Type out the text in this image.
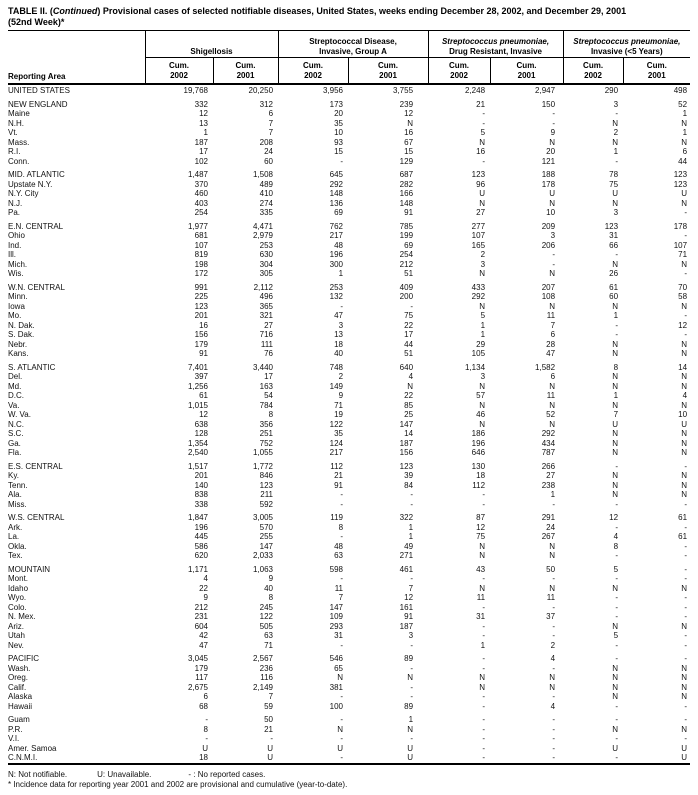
TABLE II. (Continued) Provisional cases of selected notifiable diseases, United States, weeks ending December 28, 2002, and December 29, 2001
(52nd Week)*
Reporting Area	
Shigellosis

Streptococcal Disease,
Invasive, Group A

Streptococcus pneumoniae,
Drug Resistant, Invasive

Streptococcus pneumoniae,
Invasive (<5 Years)

Cum.
2002

Cum.
2001

Cum.
2002

Cum.
2001

Cum.
2002

Cum.
2001

Cum.
2002

Cum.
2001

UNITED STATES	19,768	20,250	3,956	3,755	2,248	2,947	290	498

NEW ENGLAND	332	312	173	239	21	150	3	52
Maine	12	6	20	12	-	-	-	1
N.H.	13	7	35	N	-	-	N	N
Vt.	1	7	10	16	5	9	2	1
Mass.	187	208	93	67	N	N	N	N
R.I.	17	24	15	15	16	20	1	6
Conn.	102	60	-	129	-	121	-	44

MID. ATLANTIC	1,487	1,508	645	687	123	188	78	123
Upstate N.Y.	370	489	292	282	96	178	75	123
N.Y. City	460	410	148	166	U	U	U	U
N.J.	403	274	136	148	N	N	N	N
Pa.	254	335	69	91	27	10	3	-

E.N. CENTRAL	1,977	4,471	762	785	277	209	123	178
Ohio	681	2,979	217	199	107	3	31	-
Ind.	107	253	48	69	165	206	66	107
Ill.	819	630	196	254	2	-	-	71
Mich.	198	304	300	212	3	-	N	N
Wis.	172	305	1	51	N	N	26	-

W.N. CENTRAL	991	2,112	253	409	433	207	61	70
Minn.	225	496	132	200	292	108	60	58
Iowa	123	365	-	-	N	N	N	N
Mo.	201	321	47	75	5	11	1	-
N. Dak.	16	27	3	22	1	7	-	12
S. Dak.	156	716	13	17	1	6	-	-
Nebr.	179	111	18	44	29	28	N	N
Kans.	91	76	40	51	105	47	N	N

S. ATLANTIC	7,401	3,440	748	640	1,134	1,582	8	14
Del.	397	17	2	4	3	6	N	N
Md.	1,256	163	149	N	N	N	N	N
D.C.	61	54	9	22	57	11	1	4
Va.	1,015	784	71	85	N	N	N	N
W. Va.	12	8	19	25	46	52	7	10
N.C.	638	356	122	147	N	N	U	U
S.C.	128	251	35	14	186	292	N	N
Ga.	1,354	752	124	187	196	434	N	N
Fla.	2,540	1,055	217	156	646	787	N	N

E.S. CENTRAL	1,517	1,772	112	123	130	266	-	-
Ky.	201	846	21	39	18	27	N	N
Tenn.	140	123	91	84	112	238	N	N
Ala.	838	211	-	-	-	1	N	N
Miss.	338	592	-	-	-	-	-	-

W.S. CENTRAL	1,847	3,005	119	322	87	291	12	61
Ark.	196	570	8	1	12	24	-	-
La.	445	255	-	1	75	267	4	61
Okla.	586	147	48	49	N	N	8	-
Tex.	620	2,033	63	271	N	N	-	-

MOUNTAIN	1,171	1,063	598	461	43	50	5	-
Mont.	4	9	-	-	-	-	-	-
Idaho	22	40	11	7	N	N	N	N
Wyo.	9	8	7	12	11	11	-	-
Colo.	212	245	147	161	-	-	-	-
N. Mex.	231	122	109	91	31	37	-	-
Ariz.	604	505	293	187	-	-	N	N
Utah	42	63	31	3	-	-	5	-
Nev.	47	71	-	-	1	2	-	-

PACIFIC	3,045	2,567	546	89	-	4	-	-
Wash.	179	236	65	-	-	-	N	N
Oreg.	117	116	N	N	N	N	N	N
Calif.	2,675	2,149	381	-	N	N	N	N
Alaska	6	7	-	-	-	-	N	N
Hawaii	68	59	100	89	-	4	-	-

Guam	-	50	-	1	-	-	-	-
P.R.	8	21	N	N	-	-	N	N
V.I.	-	-	-	-	-	-	-	-
Amer. Samoa	U	U	U	U	-	-	U	U
C.N.M.I.	18	U	-	U	-	-	-	U
N: Not notifiable.	U: Unavailable.	- : No reported cases.
* Incidence data for reporting year 2001 and 2002 are provisional and cumulative (year-to-date).
